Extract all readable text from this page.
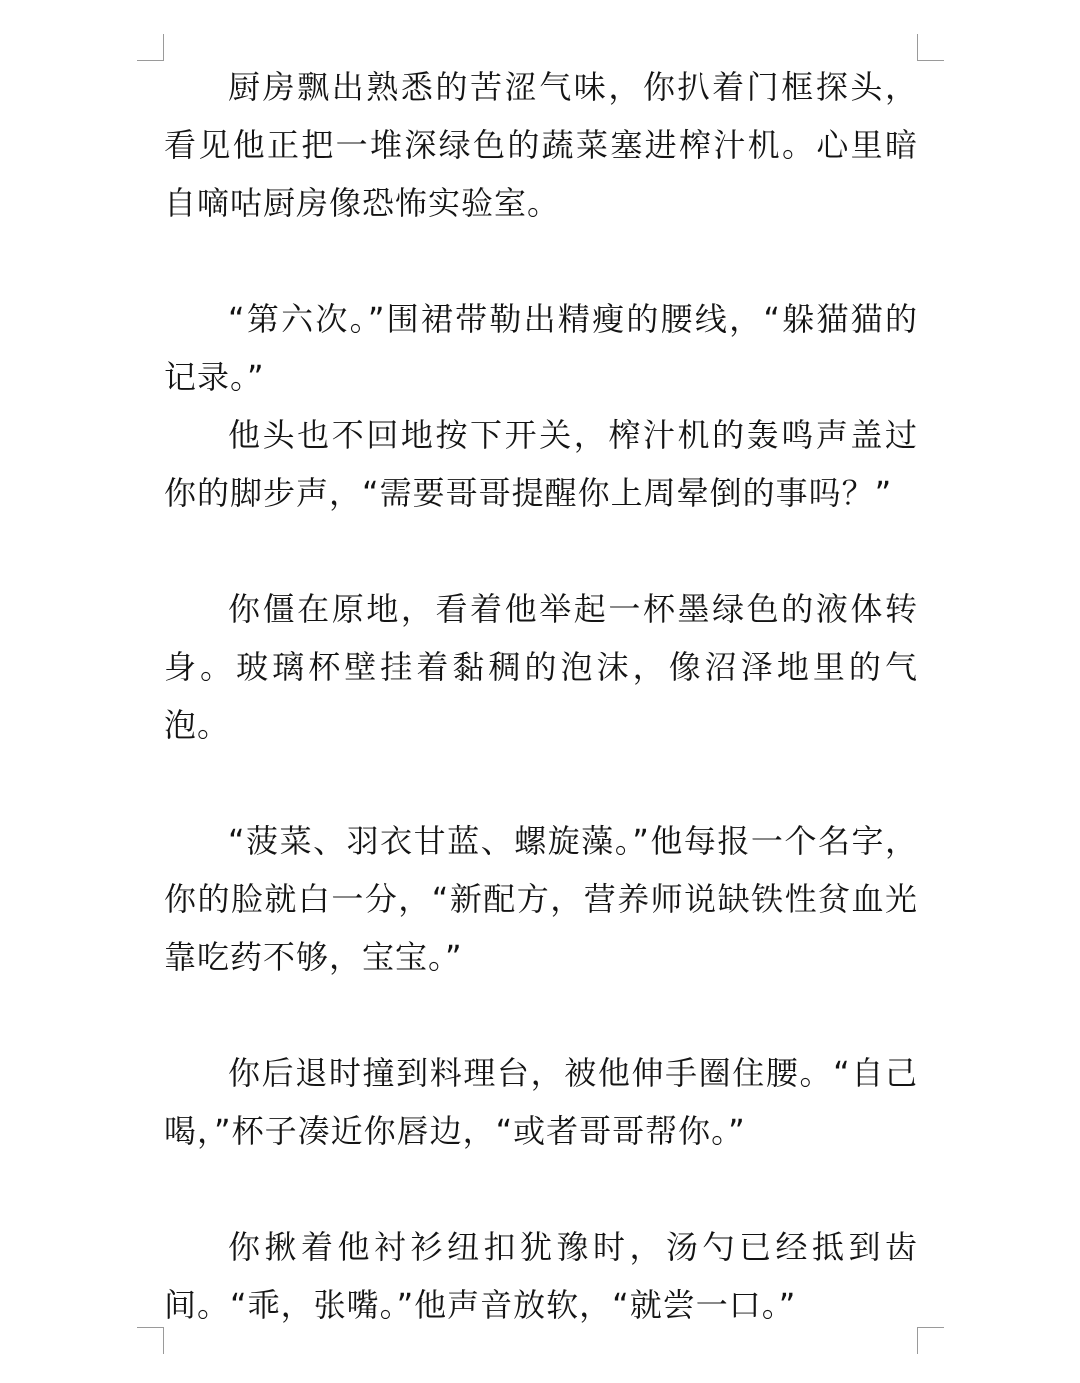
厨房飘出熟悉的苦涩气味，你扒着门框探头，看见他正把一堆深绿色的蔬菜塞进榨汁机。心里暗自嘀咕厨房像恐怖实验室。

“第六次。”围裙带勒出精瘦的腰线，“躲猫猫的记录。”

他头也不回地按下开关，榨汁机的轰鸣声盖过你的脚步声，“需要哥哥提醒你上周晕倒的事吗？”

你僵在原地，看着他举起一杯墨绿色的液体转身。玻璃杯壁挂着黏稠的泡沫，像沼泽地里的气泡。

“菠菜、羽衣甘蓝、螺旋藻。”他每报一个名字，你的脸就白一分，“新配方，营养师说缺铁性贫血光靠吃药不够，宝宝。”

你后退时撞到料理台，被他伸手圈住腰。“自己喝，”杯子凑近你唇边，“或者哥哥帮你。”

你揪着他衬衫纽扣犹豫时，汤勺已经抵到齿间。“乖，张嘴。”他声音放软，“就尝一口。”
